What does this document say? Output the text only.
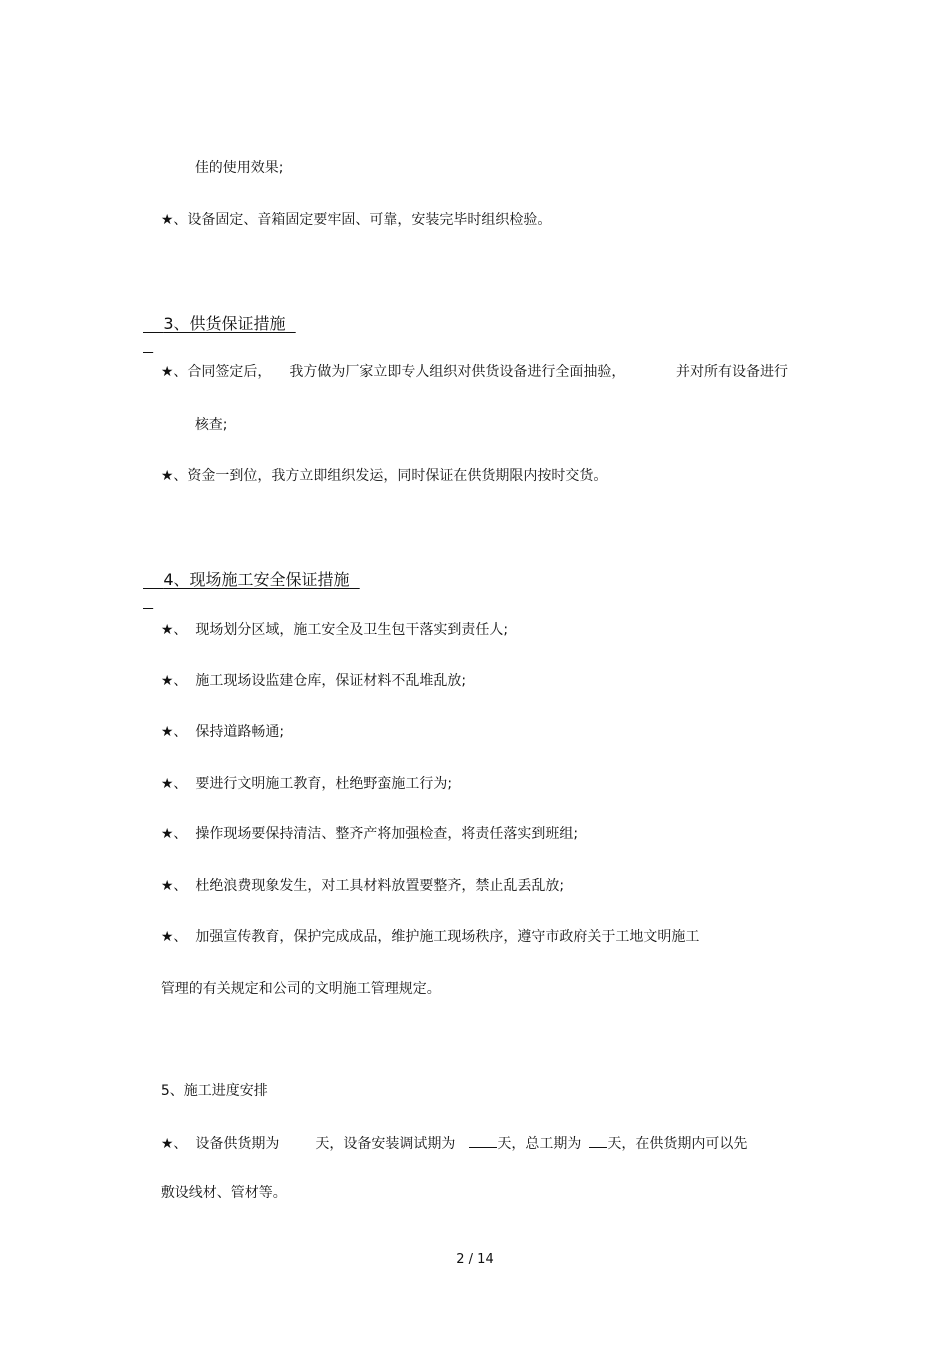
佳的使用效果;

★、设备固定、音箱固定要牢固、可靠，安装完毕时组织检验。

3、供货保证措施

★、合同签定后， 我方做为厂家立即专人组织对供货设备进行全面抽验，	并对所有设备进行

核查;

★、资金一到位，我方立即组织发运，同时保证在供货期限内按时交货。

4、现场施工安全保证措施

★、 现场划分区域，施工安全及卫生包干落实到责任人;

★、 施工现场设监建仓库，保证材料不乱堆乱放;

★、 保持道路畅通;

★、 要进行文明施工教育，杜绝野蛮施工行为;

★、 操作现场要保持清洁、整齐产将加强检查，将责任落实到班组;

★、 杜绝浪费现象发生，对工具材料放置要整齐，禁止乱丢乱放;

★、 加强宣传教育，保护完成成品，维护施工现场秩序，遵守市政府关于工地文明施工

管理的有关规定和公司的文明施工管理规定。

5、施工进度安排

★、 设备供货期为	天，设备安装调试期为	天，总工期为 天，在供货期内可以先

敷设线材、管材等。

2 / 14
